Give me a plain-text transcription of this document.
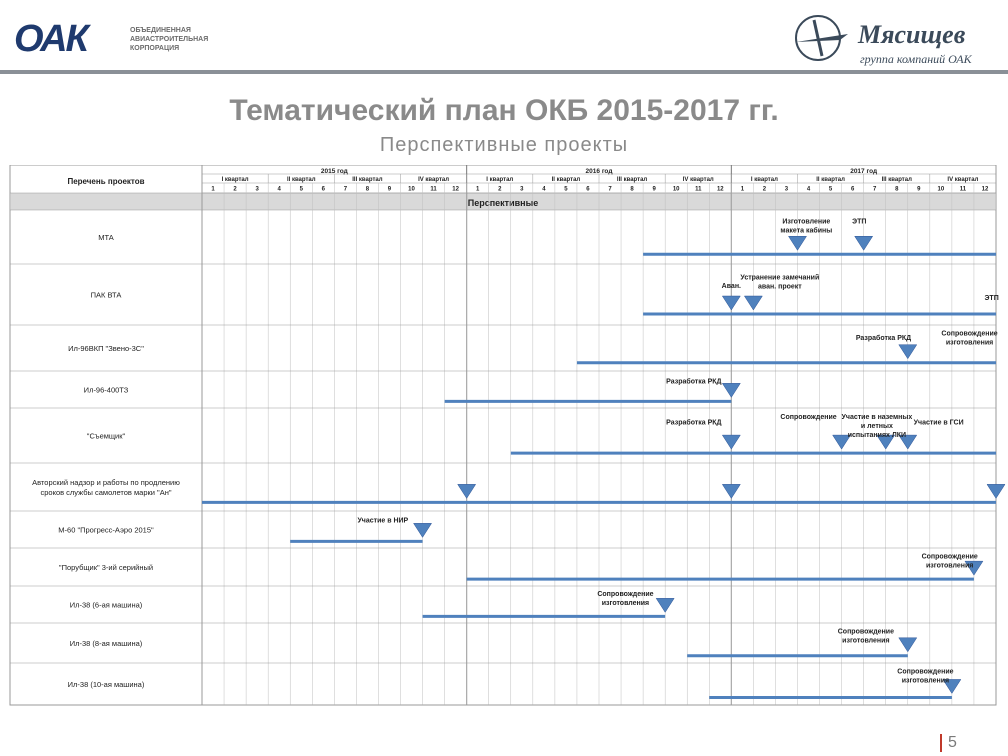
ОАК	ОБЪЕДИНЕННАЯ
АВИАСТРОИТЕЛЬНАЯ
КОРПОРАЦИЯ	Мясищев
группа компаний ОАК
Тематический план ОКБ 2015-2017 гг.
Перспективные проекты
Перспективные
Перечень проектов
2015 год	2016 год	2017 год
I квартал	II квартал	III квартал	IV квартал	I квартал	II квартал	III квартал	IV квартал	I квартал	II квартал	III квартал	IV квартал
1	2	3	4	5	6	7	8	9	10	11	12	1	2	3	4	5	6	7	8	9	10	11	12	1	2	3	4	5	6	7	8	9	10	11	12
МТА
Изготовление
макета кабины
ЭТП
ПАК ВТА
Аван.
Устранение замечаний
аван. проект
ЭТП
Ил-96ВКП "Звено-3С"
Разработка РКД
Сопровождение
изготовления
Ил-96-400ТЗ
Разработка РКД
"Съемщик"
Разработка РКД
Сопровождение Участие в наземных
и летных
испытаниях ЛКИ
Участие в ГСИ
Авторский надзор и работы по продлению
сроков службы самолетов марки "Ан"
М-60 "Прогресс-Аэро 2015"
Участие в НИР
"Порубщик" 3-ий серийный
Сопровождение
изготовления
Ил-38 (6-ая машина)
Сопровождение
изготовления
Ил-38 (8-ая машина)
Сопровождение
изготовления
Ил-38 (10-ая машина)
Сопровождение
изготовления
5
